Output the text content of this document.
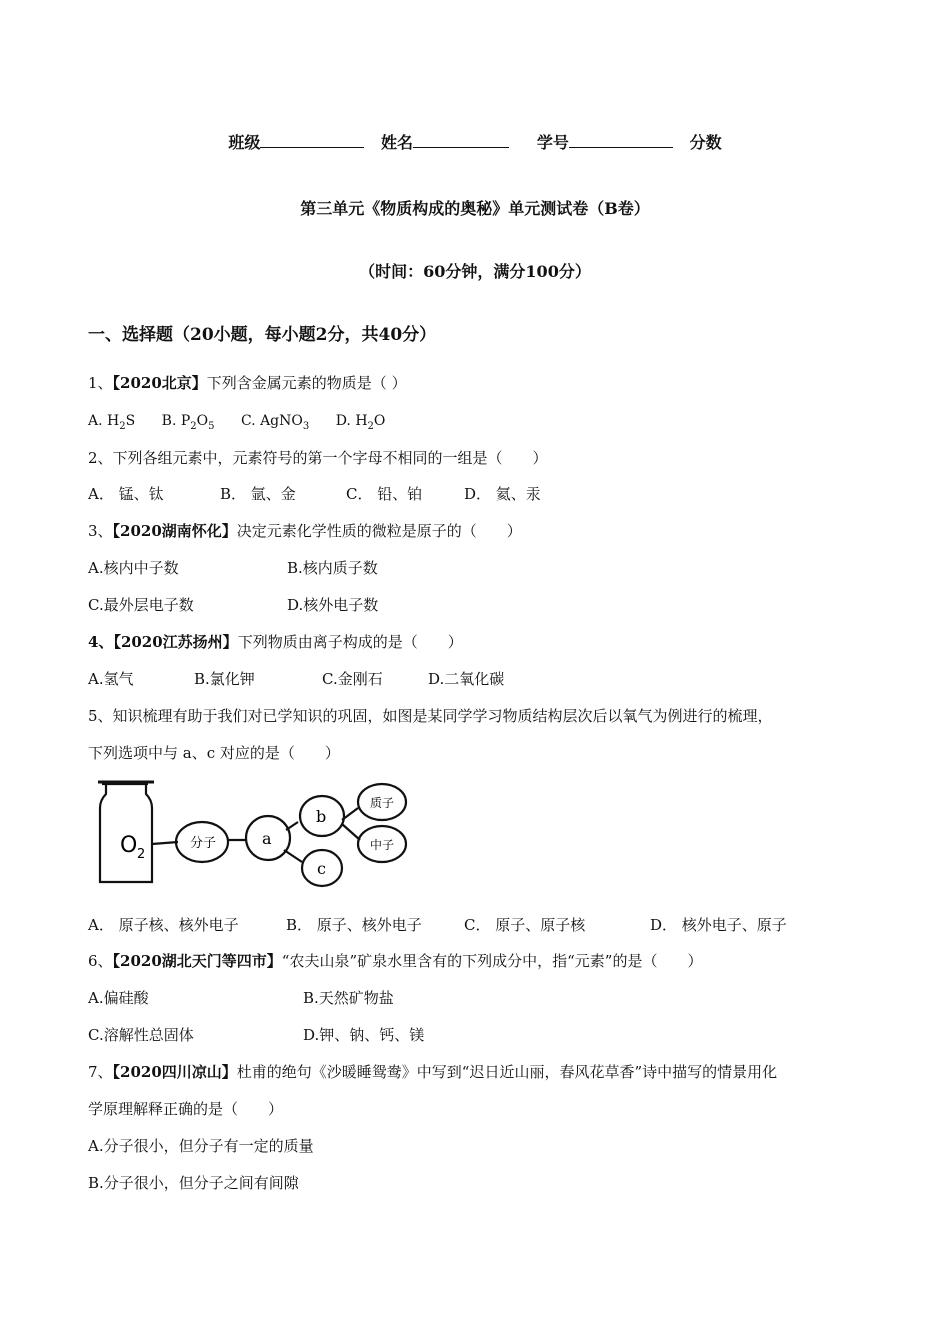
班级	姓名	学号	分数
第三单元《物质构成的奥秘》单元测试卷（B卷）
（时间：60分钟，满分100分）
一、选择题（20小题，每小题2分，共40分）
1、【2020北京】下列含金属元素的物质是（ ）
A. $H_2S$ B. $P_2O_5$ C. AgNO$_3$ D. $H_2O$
2、下列各组元素中，元素符号的第一个字母不相同的一组是（　　）
A． 锰、钛	B． 氩、金	C． 铅、铂	D． 氦、汞
3、【2020湖南怀化】决定元素化学性质的微粒是原子的（　　）
A.核内中子数	B.核内质子数
C.最外层电子数	D.核外电子数
4、【2020江苏扬州】下列物质由离子构成的是（　　）
A.氢气	B.氯化钾	C.金刚石	D.二氧化碳
5、知识梳理有助于我们对已学知识的巩固，如图是某同学学习物质结构层次后以氧气为例进行的梳理，
下列选项中与 a、c 对应的是（　　）
O 2
分子	a
b
c
质子
中子
A． 原子核、核外电子	B． 原子、核外电子	C． 原子、原子核	D． 核外电子、原子
6、【2020湖北天门等四市】“农夫山泉”矿泉水里含有的下列成分中，指“元素”的是（　　）
A.偏硅酸	B.天然矿物盐
C.溶解性总固体	D.钾、钠、钙、镁
7、【2020四川凉山】杜甫的绝句《沙暖睡鸳鸯》中写到“迟日近山丽，春风花草香”诗中描写的情景用化
学原理解释正确的是（　　）
A.分子很小，但分子有一定的质量
B.分子很小，但分子之间有间隙
